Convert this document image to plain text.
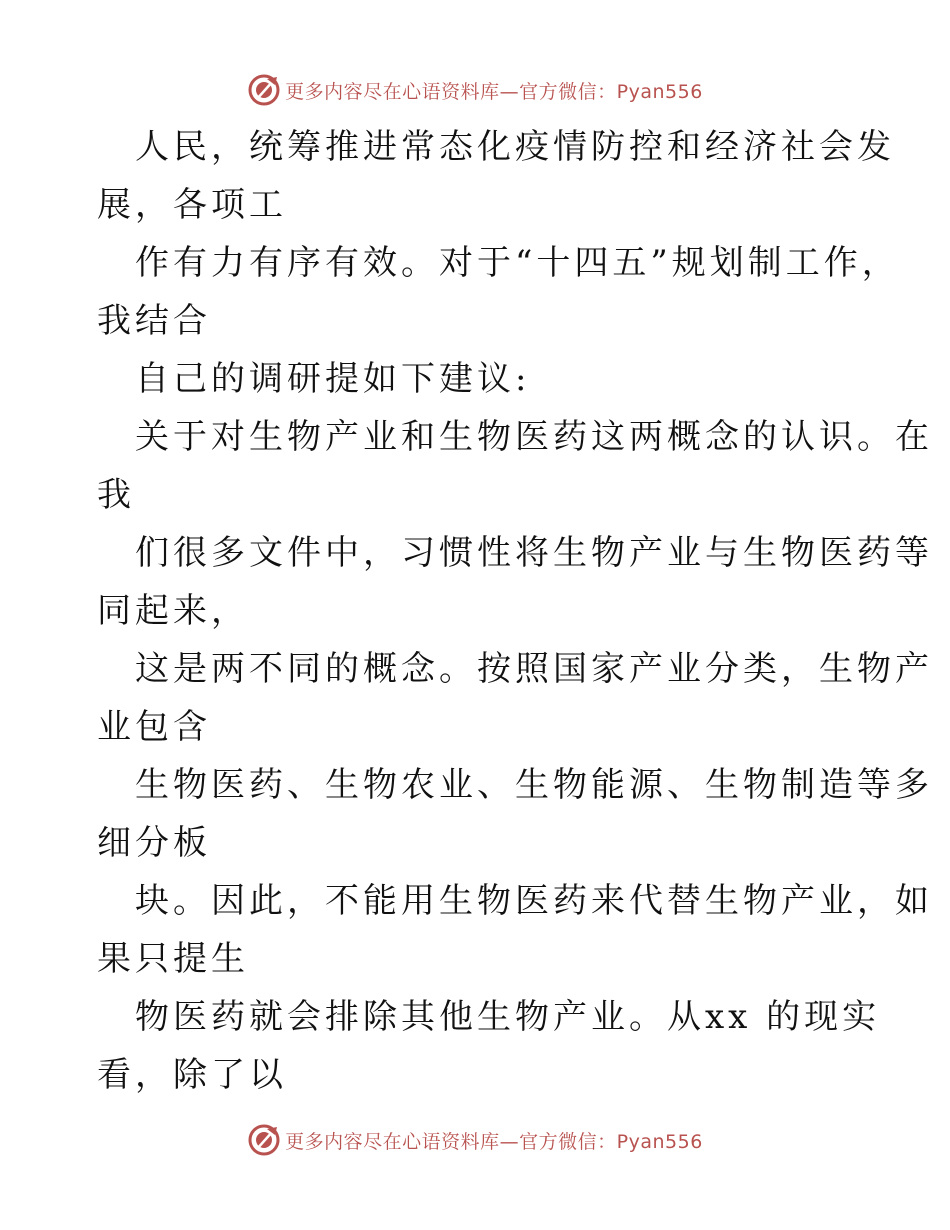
更多内容尽在心语资料库—官方微信：Pyan556
人民，统筹推进常态化疫情防控和经济社会发
展，各项工
作有力有序有效。对于“十四五”规划制工作，
我结合
自己的调研提如下建议:
关于对生物产业和生物医药这两概念的认识。在
我
们很多文件中，习惯性将生物产业与生物医药等
同起来，
这是两不同的概念。按照国家产业分类，生物产
业包含
生物医药、生物农业、生物能源、生物制造等多
细分板
块。因此，不能用生物医药来代替生物产业，如
果只提生
物医药就会排除其他生物产业。从xx 的现实
看，除了以
更多内容尽在心语资料库—官方微信：Pyan556
